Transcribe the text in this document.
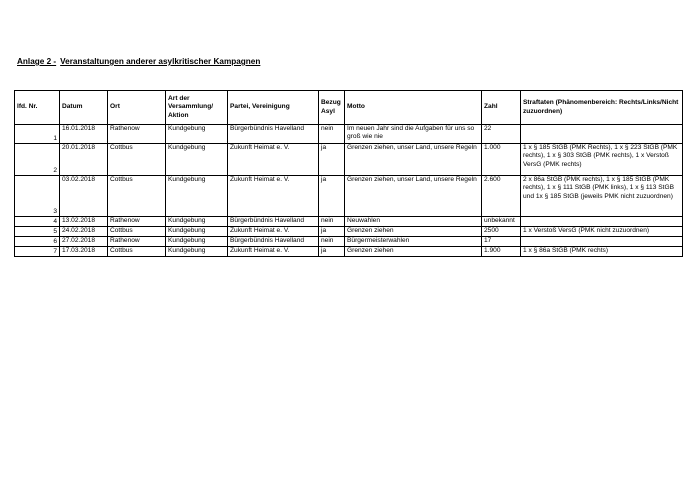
Anlage 2 - Veranstaltungen anderer asylkritischer Kampagnen
lfd. Nr.	Datum	Ort	Art der Versammlung/ Aktion	Partei, Vereinigung	Bezug Asyl	Motto	Zahl	Straftaten (Phänomenbereich: Rechts/Links/Nicht zuzuordnen)
1	16.01.2018	Rathenow	Kundgebung	Bürgerbündnis Havelland	nein	Im neuen Jahr sind die Aufgaben für uns so groß wie nie	22	
2	20.01.2018	Cottbus	Kundgebung	Zukunft Heimat e. V.	ja	Grenzen ziehen, unser Land, unsere Regeln	1.000	1 x § 185 StGB (PMK Rechts), 1 x § 223 StGB (PMK rechts), 1 x § 303 StGB (PMK rechts), 1 x Verstoß VersG (PMK rechts)
3	03.02.2018	Cottbus	Kundgebung	Zukunft Heimat e. V.	ja	Grenzen ziehen, unser Land, unsere Regeln	2.600	2 x 86a StGB (PMK rechts), 1 x § 185 StGB (PMK rechts), 1 x § 111 StGB (PMK links), 1 x § 113 StGB und 1x § 185 StGB (jeweils PMK nicht zuzuordnen)
4	13.02.2018	Rathenow	Kundgebung	Bürgerbündnis Havelland	nein	Neuwahlen	unbekannt	
5	24.02.2018	Cottbus	Kundgebung	Zukunft Heimat e. V.	ja	Grenzen ziehen	2500	1 x Verstoß VersG (PMK nicht zuzuordnen)
6	27.02.2018	Rathenow	Kundgebung	Bürgerbündnis Havelland	nein	Bürgermeisterwahlen	17	
7	17.03.2018	Cottbus	Kundgebung	Zukunft Heimat e. V.	ja	Grenzen ziehen	1.900	1 x § 86a StGB (PMK rechts)
